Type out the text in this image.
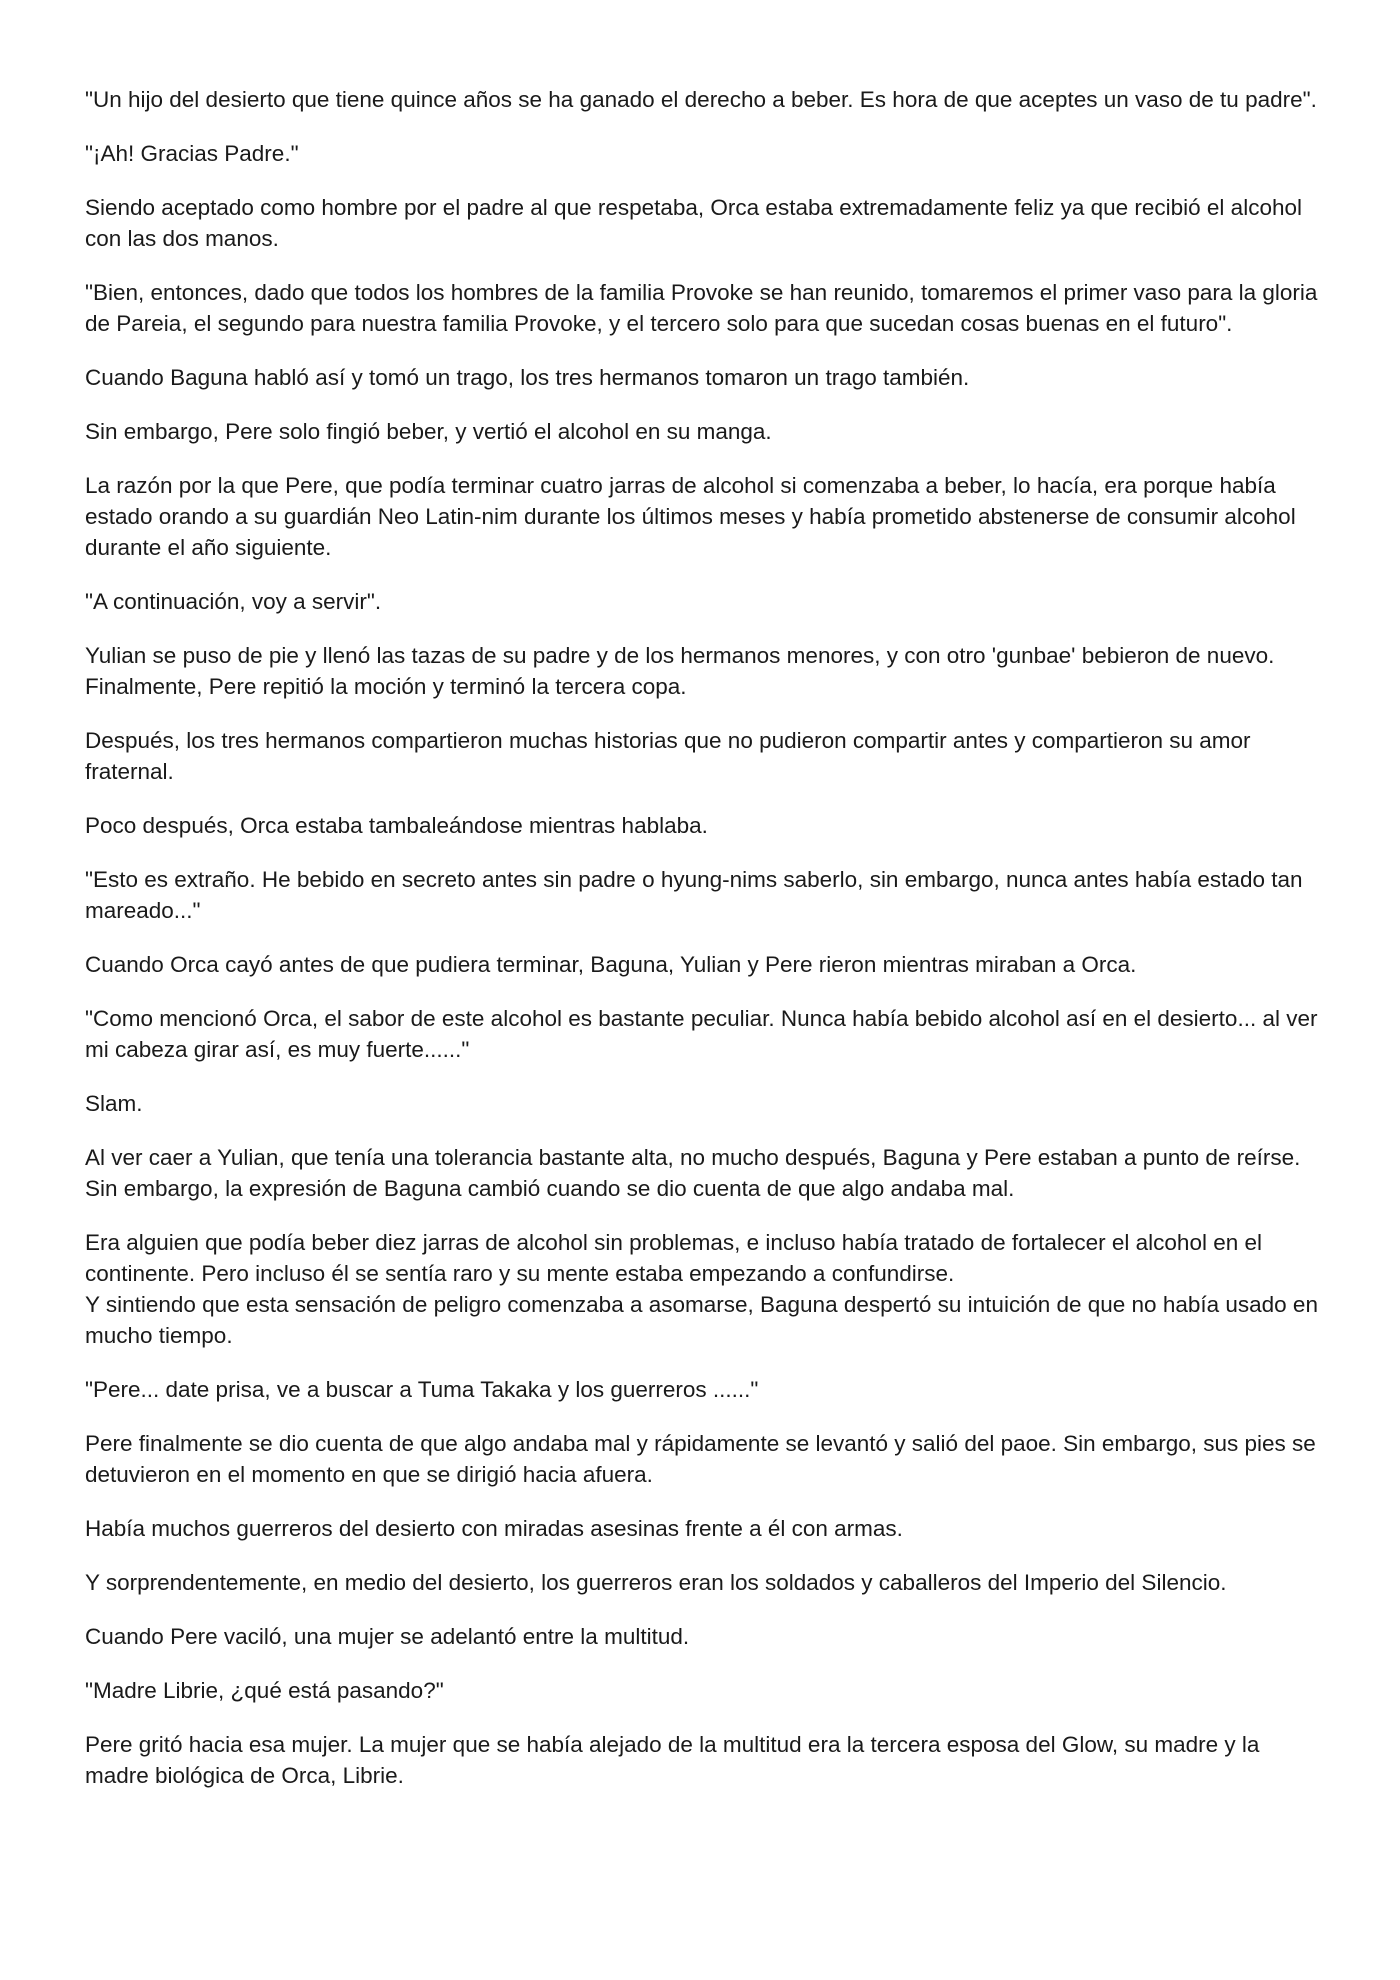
"Un hijo del desierto que tiene quince años se ha ganado el derecho a beber. Es hora de que aceptes un vaso de tu padre".

"¡Ah! Gracias Padre."

Siendo aceptado como hombre por el padre al que respetaba, Orca estaba extremadamente feliz ya que recibió el alcohol con las dos manos.

"Bien, entonces, dado que todos los hombres de la familia Provoke se han reunido, tomaremos el primer vaso para la gloria de Pareia, el segundo para nuestra familia Provoke, y el tercero solo para que sucedan cosas buenas en el futuro".

Cuando Baguna habló así y tomó un trago, los tres hermanos tomaron un trago también.

Sin embargo, Pere solo fingió beber, y vertió el alcohol en su manga.

La razón por la que Pere, que podía terminar cuatro jarras de alcohol si comenzaba a beber, lo hacía, era porque había estado orando a su guardián Neo Latin-nim durante los últimos meses y había prometido abstenerse de consumir alcohol durante el año siguiente.

"A continuación, voy a servir".

Yulian se puso de pie y llenó las tazas de su padre y de los hermanos menores, y con otro 'gunbae' bebieron de nuevo. Finalmente, Pere repitió la moción y terminó la tercera copa.

Después, los tres hermanos compartieron muchas historias que no pudieron compartir antes y compartieron su amor fraternal.

Poco después, Orca estaba tambaleándose mientras hablaba.

"Esto es extraño. He bebido en secreto antes sin padre o hyung-nims saberlo, sin embargo, nunca antes había estado tan mareado..."

Cuando Orca cayó antes de que pudiera terminar, Baguna, Yulian y Pere rieron mientras miraban a Orca.

"Como mencionó Orca, el sabor de este alcohol es bastante peculiar. Nunca había bebido alcohol así en el desierto... al ver mi cabeza girar así, es muy fuerte......"

Slam.

Al ver caer a Yulian, que tenía una tolerancia bastante alta, no mucho después, Baguna y Pere estaban a punto de reírse. Sin embargo, la expresión de Baguna cambió cuando se dio cuenta de que algo andaba mal.

Era alguien que podía beber diez jarras de alcohol sin problemas, e incluso había tratado de fortalecer el alcohol en el continente. Pero incluso él se sentía raro y su mente estaba empezando a confundirse.
Y sintiendo que esta sensación de peligro comenzaba a asomarse, Baguna despertó su intuición de que no había usado en mucho tiempo.

"Pere... date prisa, ve a buscar a Tuma Takaka y los guerreros ......"

Pere finalmente se dio cuenta de que algo andaba mal y rápidamente se levantó y salió del paoe. Sin embargo, sus pies se detuvieron en el momento en que se dirigió hacia afuera.

Había muchos guerreros del desierto con miradas asesinas frente a él con armas.

Y sorprendentemente, en medio del desierto, los guerreros eran los soldados y caballeros del Imperio del Silencio.

Cuando Pere vaciló, una mujer se adelantó entre la multitud.

"Madre Librie, ¿qué está pasando?"

Pere gritó hacia esa mujer. La mujer que se había alejado de la multitud era la tercera esposa del Glow, su madre y la madre biológica de Orca, Librie.
